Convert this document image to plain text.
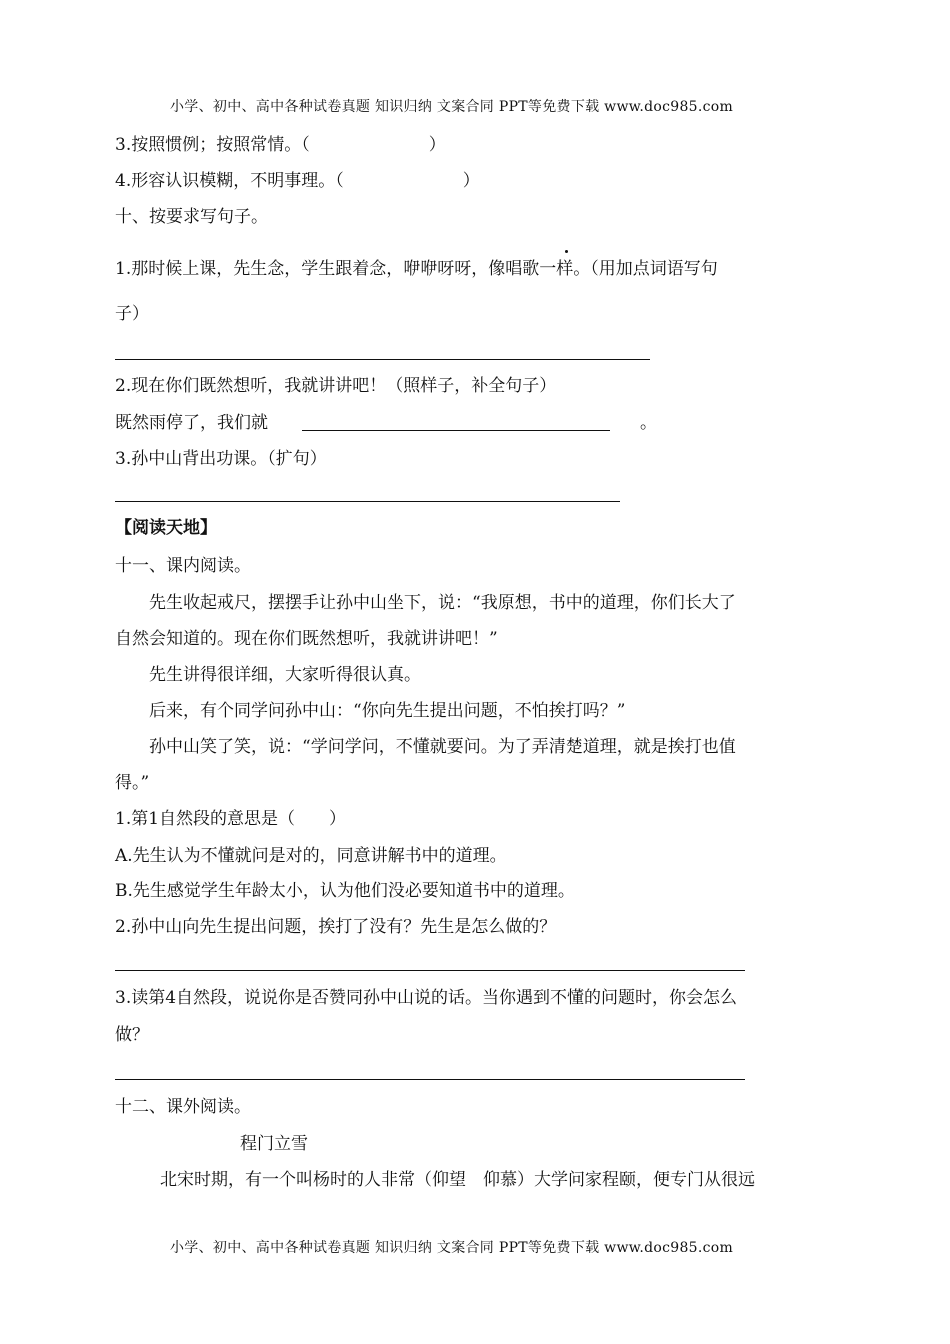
小学、初中、高中各种试卷真题 知识归纳 文案合同 PPT等免费下载 www.doc985.com
3.按照惯例；按照常情。（　　　　　　　）
4.形容认识模糊，不明事理。（　　　　　　　）
十、按要求写句子。
1.那时候上课，先生念，学生跟着念，咿咿呀呀，像唱歌一样。（用加点词语写句
子）
2.现在你们既然想听，我就讲讲吧！（照样子，补全句子）
既然雨停了，我们就	。
3.孙中山背出功课。（扩句）
【阅读天地】
十一、课内阅读。
先生收起戒尺，摆摆手让孙中山坐下，说：“我原想，书中的道理，你们长大了
自然会知道的。现在你们既然想听，我就讲讲吧！”
先生讲得很详细，大家听得很认真。
后来，有个同学问孙中山：“你向先生提出问题，不怕挨打吗？”
孙中山笑了笑，说：“学问学问，不懂就要问。为了弄清楚道理，就是挨打也值
得。”
1.第1自然段的意思是（　　）
A.先生认为不懂就问是对的，同意讲解书中的道理。
B.先生感觉学生年龄太小，认为他们没必要知道书中的道理。
2.孙中山向先生提出问题，挨打了没有？先生是怎么做的？
3.读第4自然段，说说你是否赞同孙中山说的话。当你遇到不懂的问题时，你会怎么
做？
十二、课外阅读。
程门立雪
北宋时期，有一个叫杨时的人非常（仰望　仰慕）大学问家程颐，便专门从很远
小学、初中、高中各种试卷真题 知识归纳 文案合同 PPT等免费下载 www.doc985.com
